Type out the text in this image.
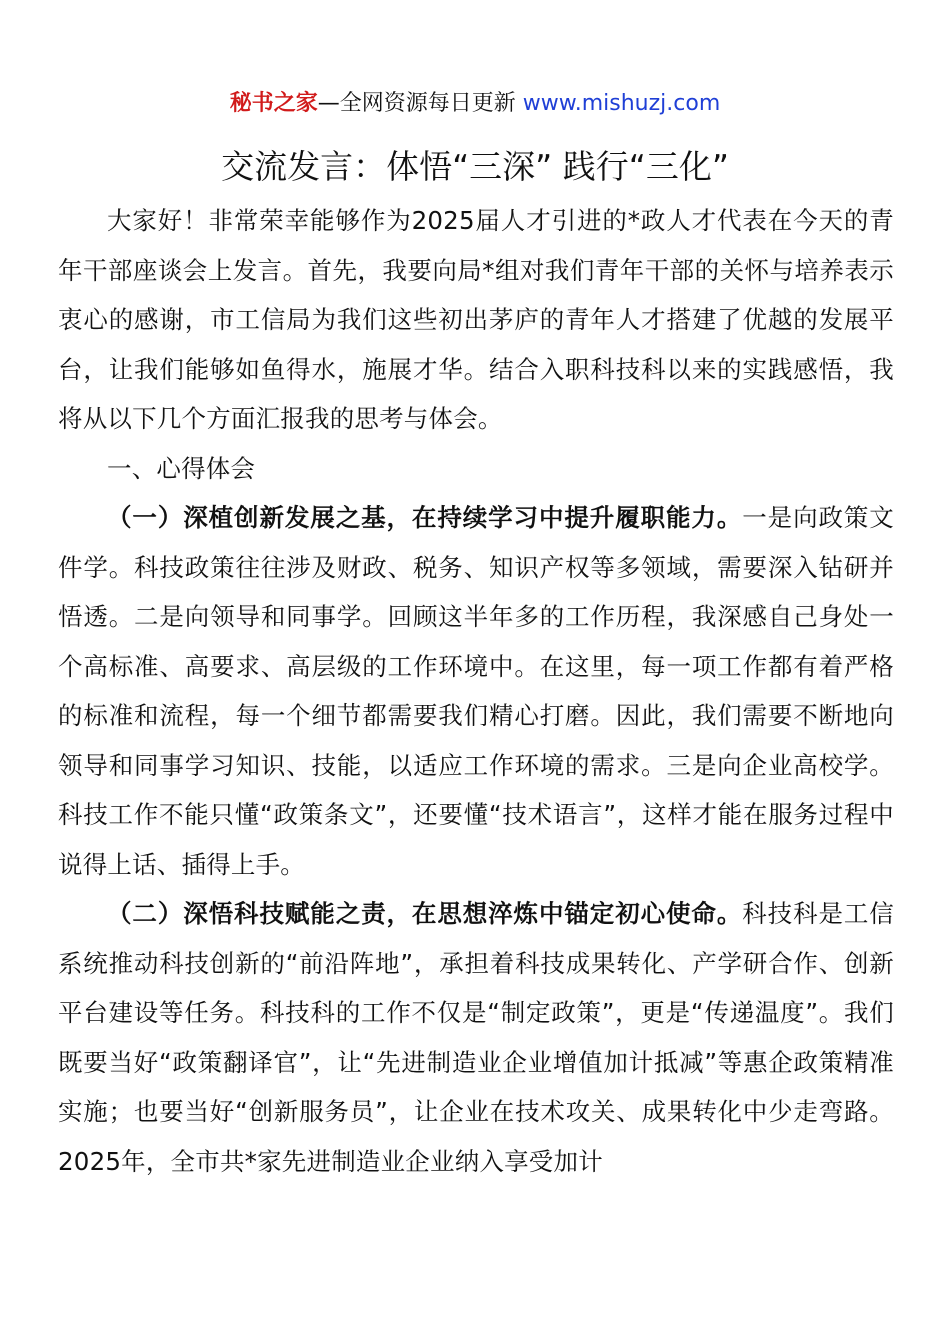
秘书之家—全网资源每日更新 www.mishuzj.com
交流发言：体悟“三深” 践行“三化”

大家好！非常荣幸能够作为2025届人才引进的*政人才代表在今天的青年干部座谈会上发言。首先，我要向局*组对我们青年干部的关怀与培养表示衷心的感谢，市工信局为我们这些初出茅庐的青年人才搭建了优越的发展平台，让我们能够如鱼得水，施展才华。结合入职科技科以来的实践感悟，我将从以下几个方面汇报我的思考与体会。

一、心得体会

（一）深植创新发展之基，在持续学习中提升履职能力。一是向政策文件学。科技政策往往涉及财政、税务、知识产权等多领域，需要深入钻研并悟透。二是向领导和同事学。回顾这半年多的工作历程，我深感自己身处一个高标准、高要求、高层级的工作环境中。在这里，每一项工作都有着严格的标准和流程，每一个细节都需要我们精心打磨。因此，我们需要不断地向领导和同事学习知识、技能，以适应工作环境的需求。三是向企业高校学。科技工作不能只懂“政策条文”，还要懂“技术语言”，这样才能在服务过程中说得上话、插得上手。

（二）深悟科技赋能之责，在思想淬炼中锚定初心使命。科技科是工信系统推动科技创新的“前沿阵地”，承担着科技成果转化、产学研合作、创新平台建设等任务。科技科的工作不仅是“制定政策”，更是“传递温度”。我们既要当好“政策翻译官”，让“先进制造业企业增值加计抵减”等惠企政策精准实施；也要当好“创新服务员”，让企业在技术攻关、成果转化中少走弯路。2025年，全市共*家先进制造业企业纳入享受加计
